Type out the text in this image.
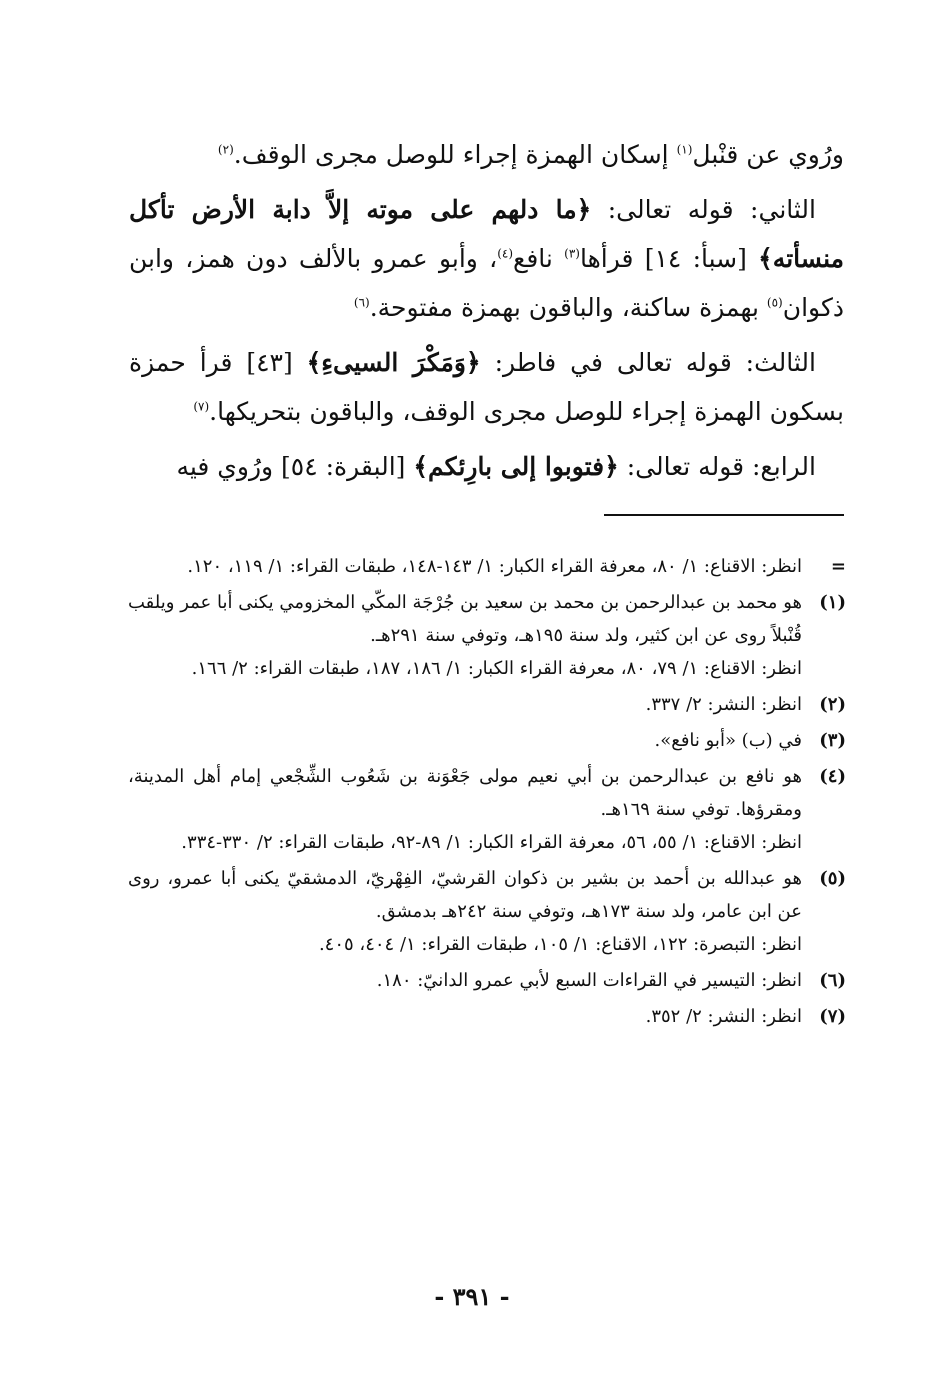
ورُوي عن قنْبل$^{(١)}$ إسكان الهمزة إجراء للوصل مجرى الوقف.$^{(٢)}$

الثاني: قوله تعالى: ﴿ما دلهم على موته إلاَّ دابة الأرض تأكل منسأته﴾ [سبأ: ١٤] قرأها$^{(٣)}$ نافع$^{(٤)}$، وأبو عمرو بالألف دون همز، وابن ذكوان$^{(٥)}$ بهمزة ساكنة، والباقون بهمزة مفتوحة.$^{(٦)}$

الثالث: قوله تعالى في فاطر: ﴿وَمَكْرَ السيىءِ﴾ [٤٣] قرأ حمزة بسكون الهمزة إجراء للوصل مجرى الوقف، والباقون بتحريكها.$^{(٧)}$

الرابع: قوله تعالى: ﴿فتوبوا إلى بارِئكم﴾ [البقرة: ٥٤] ورُوي فيه

=
انظر: الاقناع: ١/ ٨٠، معرفة القراء الكبار: ١/ ١٤٣-١٤٨، طبقات القراء: ١/ ١١٩، ١٢٠.
(١)
هو محمد بن عبدالرحمن بن محمد بن سعيد بن جُرْجَة المكّي المخزومي يكنى أبا عمر ويلقب قُنْبلاً روى عن ابن كثير، ولد سنة ١٩٥هـ، وتوفي سنة ٢٩١هـ.
انظر: الاقناع: ١/ ٧٩، ٨٠، معرفة القراء الكبار: ١/ ١٨٦، ١٨٧، طبقات القراء: ٢/ ١٦٦.
(٢)
انظر: النشر: ٢/ ٣٣٧.
(٣)
في (ب) «أبو نافع».
(٤)
هو نافع بن عبدالرحمن بن أبي نعيم مولى جَعْوَنة بن شَعُوب الشِّجْعي إمام أهل المدينة، ومقرؤها. توفي سنة ١٦٩هـ.
انظر: الاقناع: ١/ ٥٥، ٥٦، معرفة القراء الكبار: ١/ ٨٩-٩٢، طبقات القراء: ٢/ ٣٣٠-٣٣٤.
(٥)
هو عبدالله بن أحمد بن بشير بن ذكوان القرشيّ، الفِهْريّ، الدمشقيّ يكنى أبا عمرو، روى عن ابن عامر، ولد سنة ١٧٣هـ، وتوفي سنة ٢٤٢هـ بدمشق.
انظر: التبصرة: ١٢٢، الاقناع: ١/ ١٠٥، طبقات القراء: ١/ ٤٠٤، ٤٠٥.
(٦)
انظر: التيسير في القراءات السبع لأبي عمرو الدانيّ: ١٨٠.
(٧)
انظر: النشر: ٢/ ٣٥٢.
- ٣٩١ -
